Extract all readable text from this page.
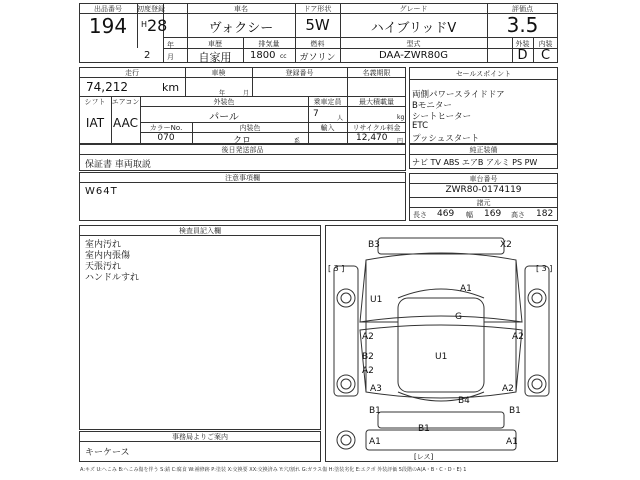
出品番号	初度登録	車名	ドア形状	グレード	評価点
194	H 28
年
ヴォクシー	5W	ハイブリッドV	3.5
車歴	排気量	燃料	型式	外装	内装
2 月	自家用	1800 cc	ガソリン	DAA-ZWR80G	D	C
走行	車検	登録番号	名義期限
74,212	km	年	月
シフト エアコン	外装色	乗車定員	最大積載量
IAT AAC	パール	7	人	kg
カラーNo.	内装色	輸入	リサイクル料金
070	クロ	系	12,470 円
セールスポイント
両側パワースライドドア
Bモニター
シートヒーター
ETC
プッシュスタート
純正装備
ナビ TV ABS エアB アルミ PS PW
車台番号
ZWR80-0174119
諸元
長さ 469 幅 169 高さ 182
後日発送部品
保証書 車両取説
注意事項欄
W64T
検査員記入欄
室内汚れ
室内内張傷
天張汚れ
ハンドルすれ
事務局よりご案内
キーケース
B3	X2
A1
U1
G
A2	A2
B2	U1
A2
A3	A2
B4
B1	B1
A1
B1
A1
[ 3 ]	[ 3 ]
[レス]
A:キズ U:へこみ B:へこみ傷を伴う S:錆 C:腐食 W:補修跡 P:塗装 X:交換要 XX:交換済み Y:穴/割れ G:ガラス傷 H:塗装劣化 E:エクボ 外装評価 5段階のA(A・B・C・D・E) 1
